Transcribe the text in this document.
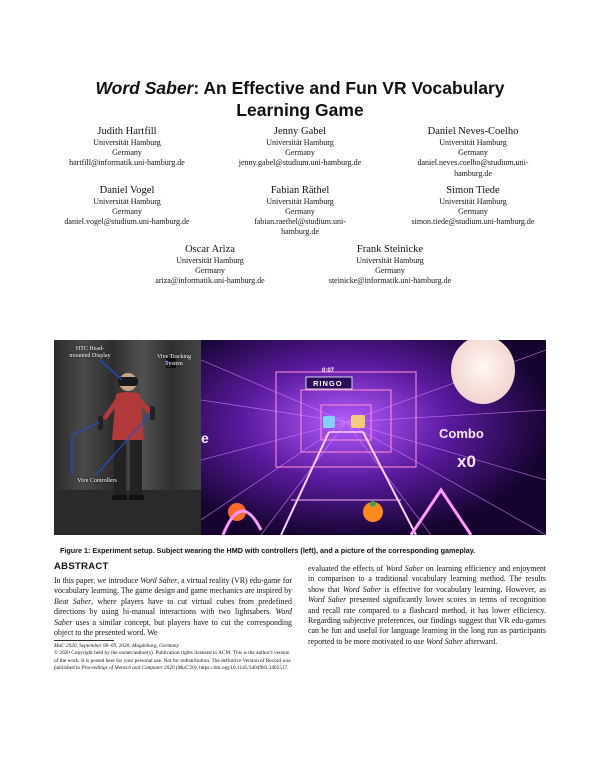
Word Saber: An Effective and Fun VR Vocabulary Learning Game
Judith Hartfill
Universität Hamburg
Germany
hartfill@informatik.uni-hamburg.de
Jenny Gabel
Universität Hamburg
Germany
jenny.gabel@studium.uni-hamburg.de
Daniel Neves-Coelho
Universität Hamburg
Germany
daniel.neves.coelho@studium.uni-hamburg.de
Daniel Vogel
Universität Hamburg
Germany
daniel.vogel@studium.uni-hamburg.de
Fabian Räthel
Universität Hamburg
Germany
fabian.raethel@studium.uni-hamburg.de
Simon Tiede
Universität Hamburg
Germany
simon.tiede@studium.uni-hamburg.de
Oscar Ariza
Universität Hamburg
Germany
ariza@informatik.uni-hamburg.de
Frank Steinicke
Universität Hamburg
Germany
steinicke@informatik.uni-hamburg.de
HTC Head-mounted Display	Vive Tracking System
Vive Controllers
0:07
RINGO
Combo
x0
e
Figure 1: Experiment setup. Subject wearing the HMD with controllers (left), and a picture of the corresponding gameplay.
ABSTRACT
In this paper, we introduce Word Saber, a virtual reality (VR) edu-game for vocabulary learning. The game design and game mechanics are inspired by Beat Saber, where players have to cut virtual cubes from predefined directions by using bi-manual interactions with two lightsabers. Word Saber uses a similar concept, but players have to cut the corresponding object to the presented word. We
evaluated the effects of Word Saber on learning efficiency and enjoyment in comparison to a traditional vocabulary learning method. The results show that Word Saber is effective for vocabulary learning. However, as Word Saber presented significantly lower scores in terms of recognition and recall rate compared to a flashcard method, it has lower efficiency. Regarding subjective preferences, our findings suggest that VR edu-games can be fun and useful for language learning in the long run as participants reported to be more motivated to use Word Saber afterward.
MuC 2020, September 06–09, 2020, Magdeburg, Germany
© 2020 Copyright held by the owner/author(s). Publication rights licensed to ACM. This is the author's version of the work. It is posted here for your personal use. Not for redistribution. The definitive Version of Record was published in Proceedings of Mensch und Computer 2020 (MuC'20), https://doi.org/10.1145/3404983.3405517.
